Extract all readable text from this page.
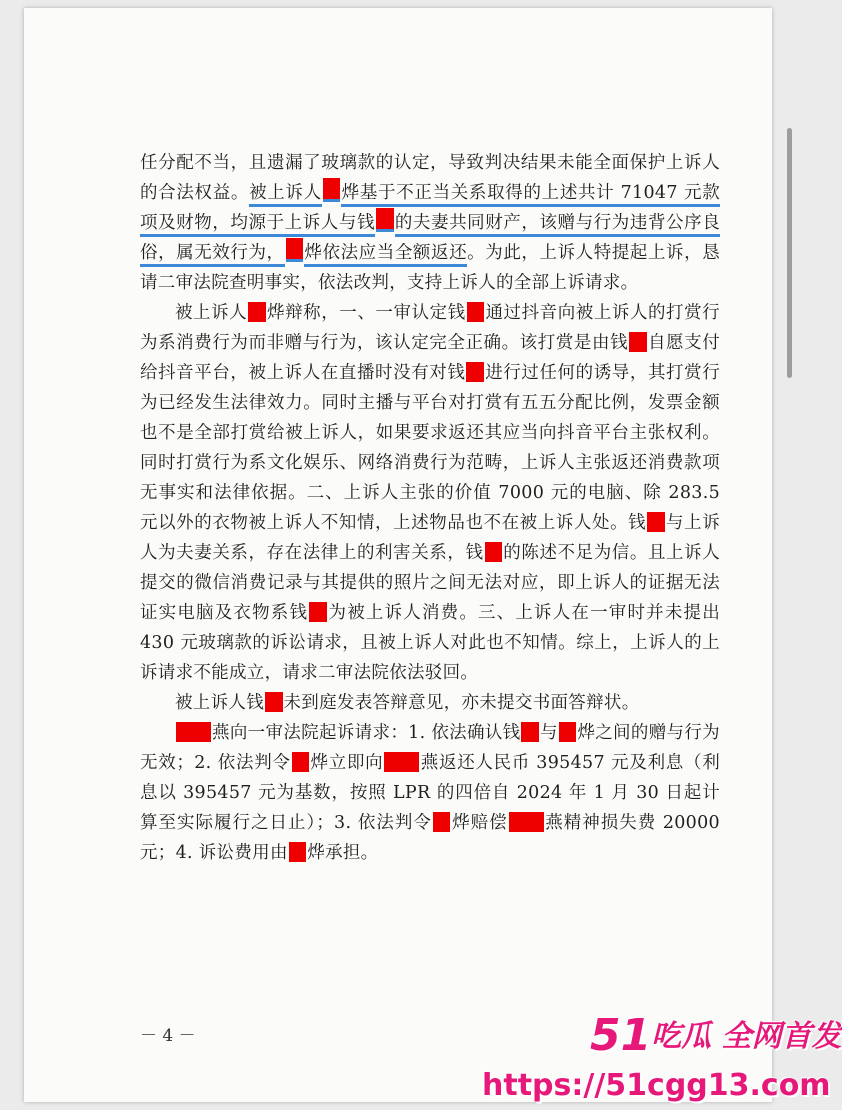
任分配不当，且遗漏了玻璃款的认定，导致判决结果未能全面保护上诉人的合法权益。被上诉人 烨基于不正当关系取得的上述共计 71047 元款项及财物，均源于上诉人与钱 的夫妻共同财产，该赠与行为违背公序良俗，属无效行为， 烨依法应当全额返还。为此，上诉人特提起上诉，恳请二审法院查明事实，依法改判，支持上诉人的全部上诉请求。

被上诉人 烨辩称，一、一审认定钱 通过抖音向被上诉人的打赏行为系消费行为而非赠与行为，该认定完全正确。该打赏是由钱 自愿支付给抖音平台，被上诉人在直播时没有对钱 进行过任何的诱导，其打赏行为已经发生法律效力。同时主播与平台对打赏有五五分配比例，发票金额也不是全部打赏给被上诉人，如果要求返还其应当向抖音平台主张权利。同时打赏行为系文化娱乐、网络消费行为范畴，上诉人主张返还消费款项无事实和法律依据。二、上诉人主张的价值 7000 元的电脑、除 283.5 元以外的衣物被上诉人不知情，上述物品也不在被上诉人处。钱 与上诉人为夫妻关系，存在法律上的利害关系，钱 的陈述不足为信。且上诉人提交的微信消费记录与其提供的照片之间无法对应，即上诉人的证据无法证实电脑及衣物系钱 为被上诉人消费。三、上诉人在一审时并未提出 430 元玻璃款的诉讼请求，且被上诉人对此也不知情。综上，上诉人的上诉请求不能成立，请求二审法院依法驳回。

被上诉人钱 未到庭发表答辩意见，亦未提交书面答辩状。

燕向一审法院起诉请求：1. 依法确认钱 与 烨之间的赠与行为无效；2. 依法判令 烨立即向 燕返还人民币 395457 元及利息（利息以 395457 元为基数，按照 LPR 的四倍自 2024 年 1 月 30 日起计算至实际履行之日止）；3. 依法判令 烨赔偿 燕精神损失费 20000 元；4. 诉讼费用由 烨承担。

－ 4 －	51吃瓜 全网首发
https://51cgg13.com
